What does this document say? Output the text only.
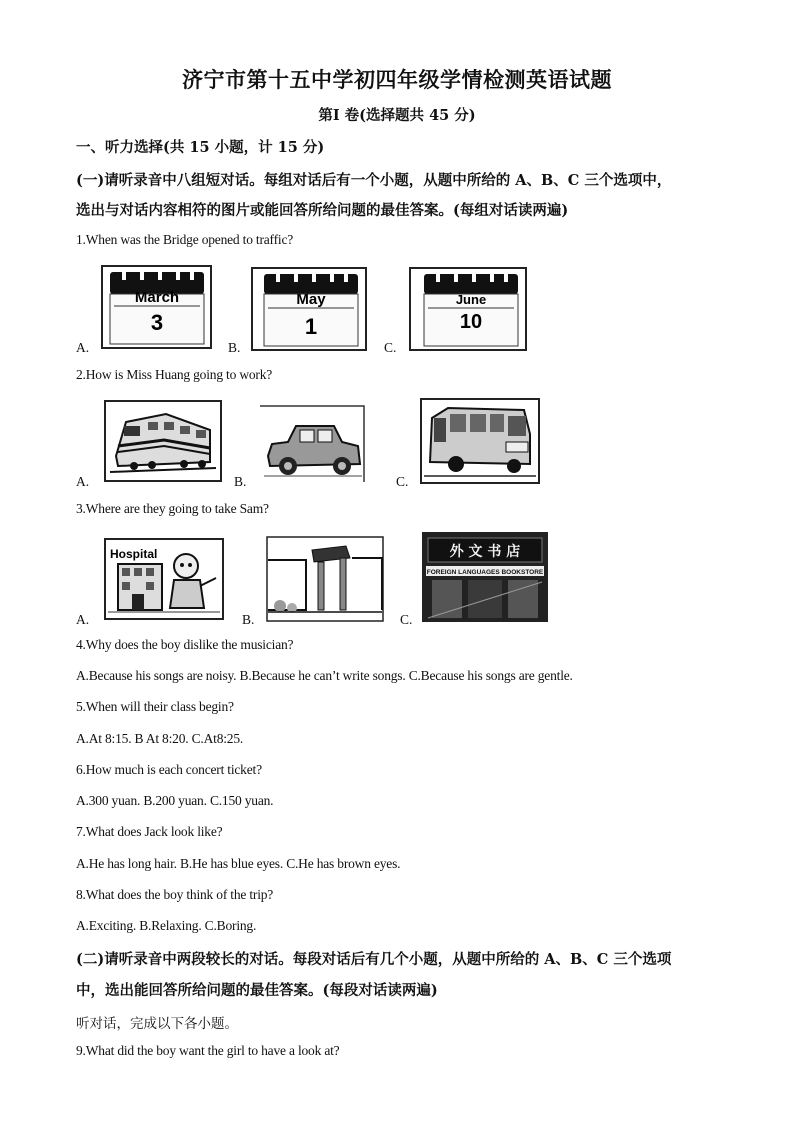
济宁市第十五中学初四年级学情检测英语试题
第Ⅰ 卷(选择题共 45 分)
一、听力选择(共 15 小题，计 15 分)
(一)请听录音中八组短对话。每组对话后有一个小题，从题中所给的 A、B、C 三个选项中，
选出与对话内容相符的图片或能回答所给问题的最佳答案。(每组对话读两遍)
1.When was the Bridge opened to traffic?
A.
March
3
B.
May
1
C.
June
10
2.How is Miss Huang going to work?
A.	B.	C.
3.Where are they going to take Sam?
A.
Hospital
B.	C.
外 文 书 店
FOREIGN LANGUAGES BOOKSTORE
4.Why does the boy dislike the musician?
A.Because his songs are noisy. B.Because he can’t write songs. C.Because his songs are gentle.
5.When will their class begin?
A.At 8:15. B At 8:20. C.At8:25.
6.How much is each concert ticket?
A.300 yuan. B.200 yuan. C.150 yuan.
7.What does Jack look like?
A.He has long hair. B.He has blue eyes. C.He has brown eyes.
8.What does the boy think of the trip?
A.Exciting. B.Relaxing. C.Boring.
(二)请听录音中两段较长的对话。每段对话后有几个小题，从题中所给的 A、B、C 三个选项
中，选出能回答所给问题的最佳答案。(每段对话读两遍)
听对话，完成以下各小题。
9.What did the boy want the girl to have a look at?
